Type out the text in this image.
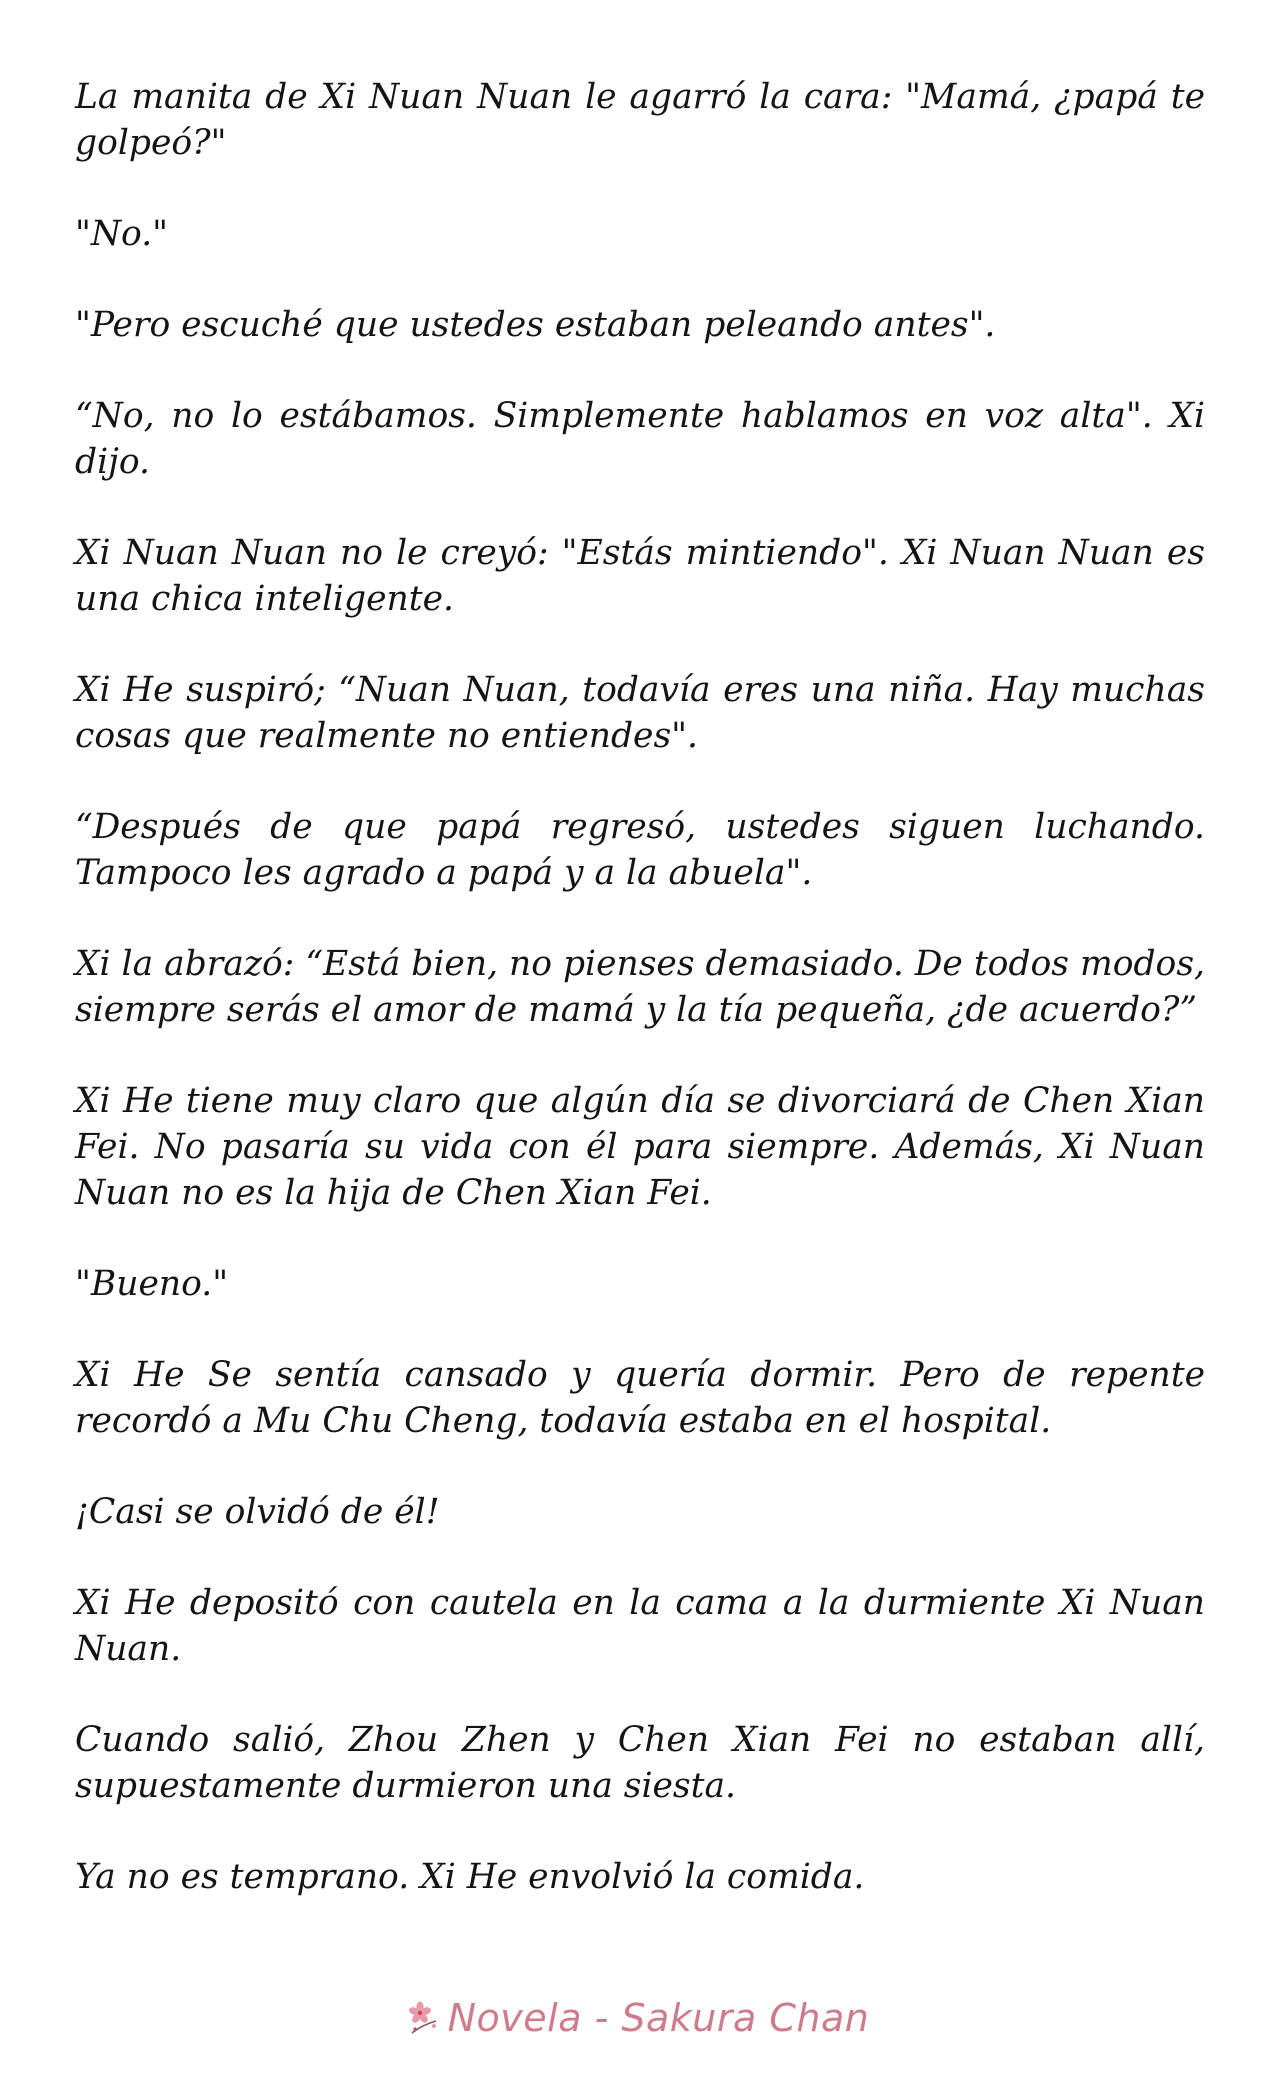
La manita de Xi Nuan Nuan le agarró la cara: "Mamá, ¿papá te golpeó?"

"No."

"Pero escuché que ustedes estaban peleando antes".

“No, no lo estábamos. Simplemente hablamos en voz alta". Xi dijo.

Xi Nuan Nuan no le creyó: "Estás mintiendo". Xi Nuan Nuan es una chica inteligente.

Xi He suspiró; “Nuan Nuan, todavía eres una niña. Hay muchas cosas que realmente no entiendes".

“Después de que papá regresó, ustedes siguen luchando. Tampoco les agrado a papá y a la abuela".

Xi la abrazó: “Está bien, no pienses demasiado. De todos modos, siempre serás el amor de mamá y la tía pequeña, ¿de acuerdo?”

Xi He tiene muy claro que algún día se divorciará de Chen Xian Fei. No pasaría su vida con él para siempre. Además, Xi Nuan Nuan no es la hija de Chen Xian Fei.

"Bueno."

Xi He Se sentía cansado y quería dormir. Pero de repente recordó a Mu Chu Cheng, todavía estaba en el hospital.

¡Casi se olvidó de él!

Xi He depositó con cautela en la cama a la durmiente Xi Nuan Nuan.

Cuando salió, Zhou Zhen y Chen Xian Fei no estaban allí, supuestamente durmieron una siesta.

Ya no es temprano. Xi He envolvió la comida.

Novela - Sakura Chan
